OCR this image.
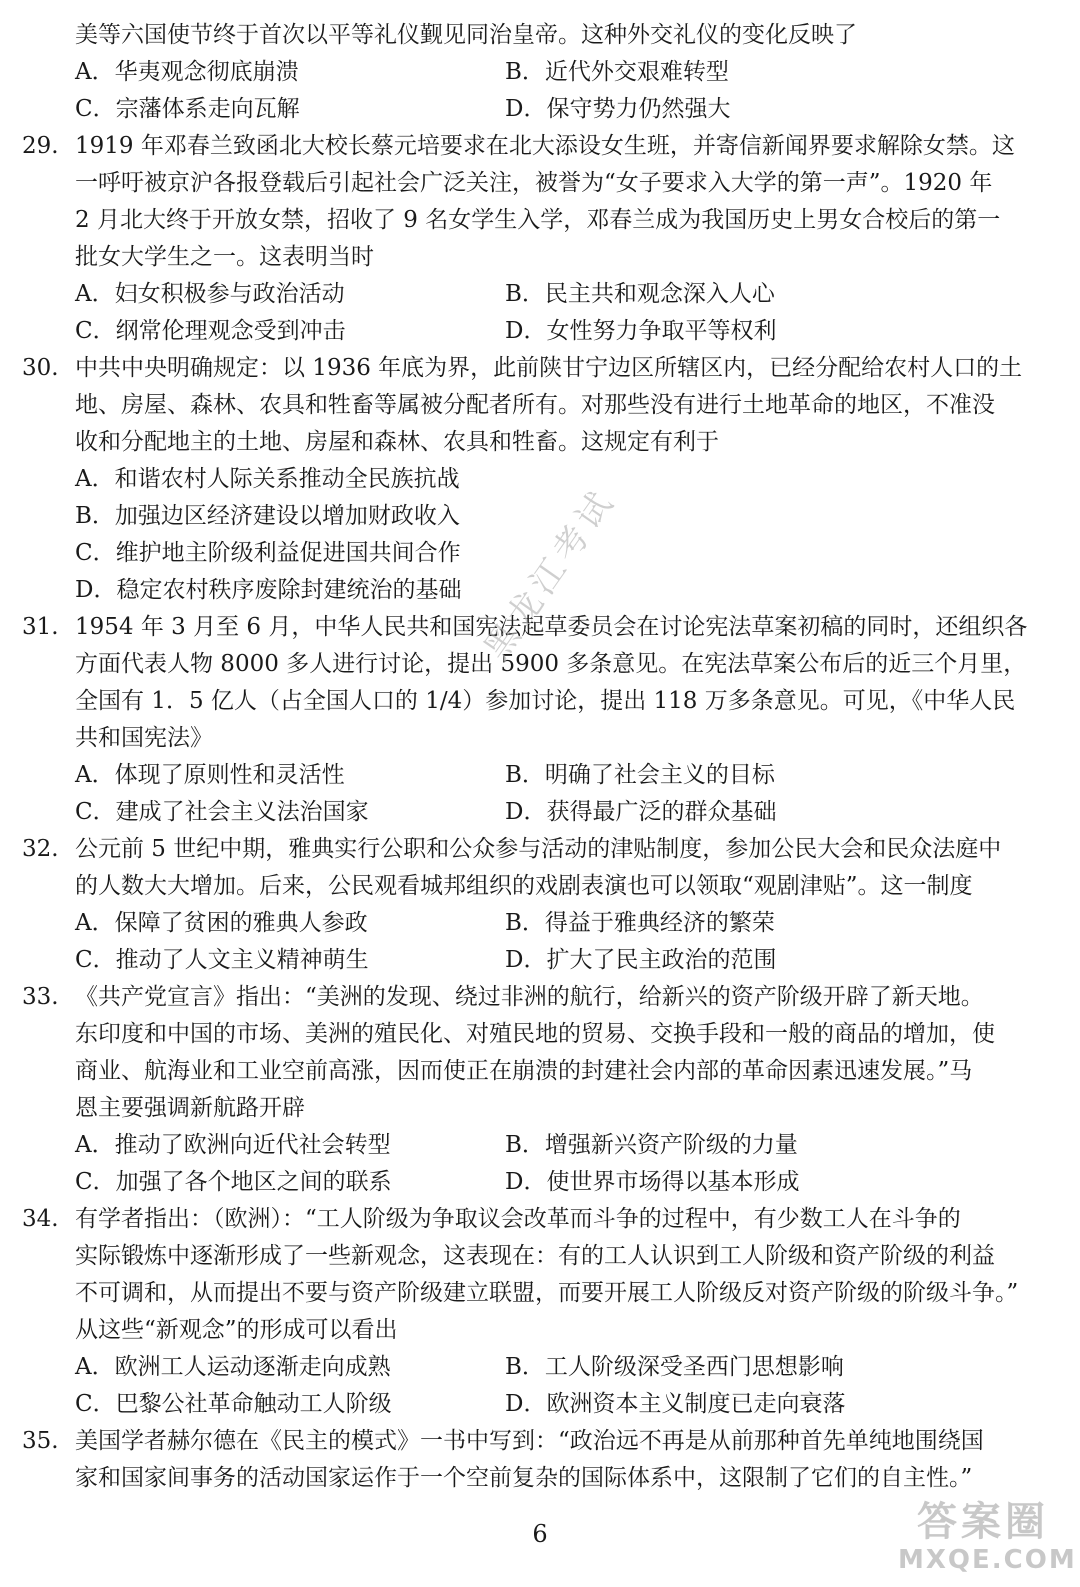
美等六国使节终于首次以平等礼仪觐见同治皇帝。这种外交礼仪的变化反映了
A．华夷观念彻底崩溃	B．近代外交艰难转型
C．宗藩体系走向瓦解	D．保守势力仍然强大
29. 1919 年邓春兰致函北大校长蔡元培要求在北大添设女生班，并寄信新闻界要求解除女禁。这
一呼吁被京沪各报登载后引起社会广泛关注，被誉为“女子要求入大学的第一声”。1920 年
2 月北大终于开放女禁，招收了 9 名女学生入学，邓春兰成为我国历史上男女合校后的第一
批女大学生之一。这表明当时
A．妇女积极参与政治活动	B．民主共和观念深入人心
C．纲常伦理观念受到冲击	D．女性努力争取平等权利
30. 中共中央明确规定：以 1936 年底为界，此前陕甘宁边区所辖区内，已经分配给农村人口的土
地、房屋、森林、农具和牲畜等属被分配者所有。对那些没有进行土地革命的地区，不准没
收和分配地主的土地、房屋和森林、农具和牲畜。这规定有利于
A．和谐农村人际关系推动全民族抗战
B．加强边区经济建设以增加财政收入
C．维护地主阶级利益促进国共间合作
D．稳定农村秩序废除封建统治的基础
31. 1954 年 3 月至 6 月，中华人民共和国宪法起草委员会在讨论宪法草案初稿的同时，还组织各
方面代表人物 8000 多人进行讨论，提出 5900 多条意见。在宪法草案公布后的近三个月里，
全国有 1．5 亿人（占全国人口的 1/4）参加讨论，提出 118 万多条意见。可见，《中华人民
共和国宪法》
A．体现了原则性和灵活性	B．明确了社会主义的目标
C．建成了社会主义法治国家	D．获得最广泛的群众基础
32. 公元前 5 世纪中期，雅典实行公职和公众参与活动的津贴制度，参加公民大会和民众法庭中
的人数大大增加。后来，公民观看城邦组织的戏剧表演也可以领取“观剧津贴”。这一制度
A．保障了贫困的雅典人参政	B．得益于雅典经济的繁荣
C．推动了人文主义精神萌生	D．扩大了民主政治的范围
33. 《共产党宣言》指出：“美洲的发现、绕过非洲的航行，给新兴的资产阶级开辟了新天地。
东印度和中国的市场、美洲的殖民化、对殖民地的贸易、交换手段和一般的商品的增加，使
商业、航海业和工业空前高涨，因而使正在崩溃的封建社会内部的革命因素迅速发展。”马
恩主要强调新航路开辟
A．推动了欧洲向近代社会转型	B．增强新兴资产阶级的力量
C．加强了各个地区之间的联系	D．使世界市场得以基本形成
34. 有学者指出：（欧洲）：“工人阶级为争取议会改革而斗争的过程中，有少数工人在斗争的
实际锻炼中逐渐形成了一些新观念，这表现在：有的工人认识到工人阶级和资产阶级的利益
不可调和，从而提出不要与资产阶级建立联盟，而要开展工人阶级反对资产阶级的阶级斗争。”
从这些“新观念”的形成可以看出
A．欧洲工人运动逐渐走向成熟	B．工人阶级深受圣西门思想影响
C．巴黎公社革命触动工人阶级	D．欧洲资本主义制度已走向衰落
35. 美国学者赫尔德在《民主的模式》一书中写到：“政治远不再是从前那种首先单纯地围绕国
家和国家间事务的活动国家运作于一个空前复杂的国际体系中，这限制了它们的自主性。”
6
黑龙江考试
答案圈
MXQE.COM
